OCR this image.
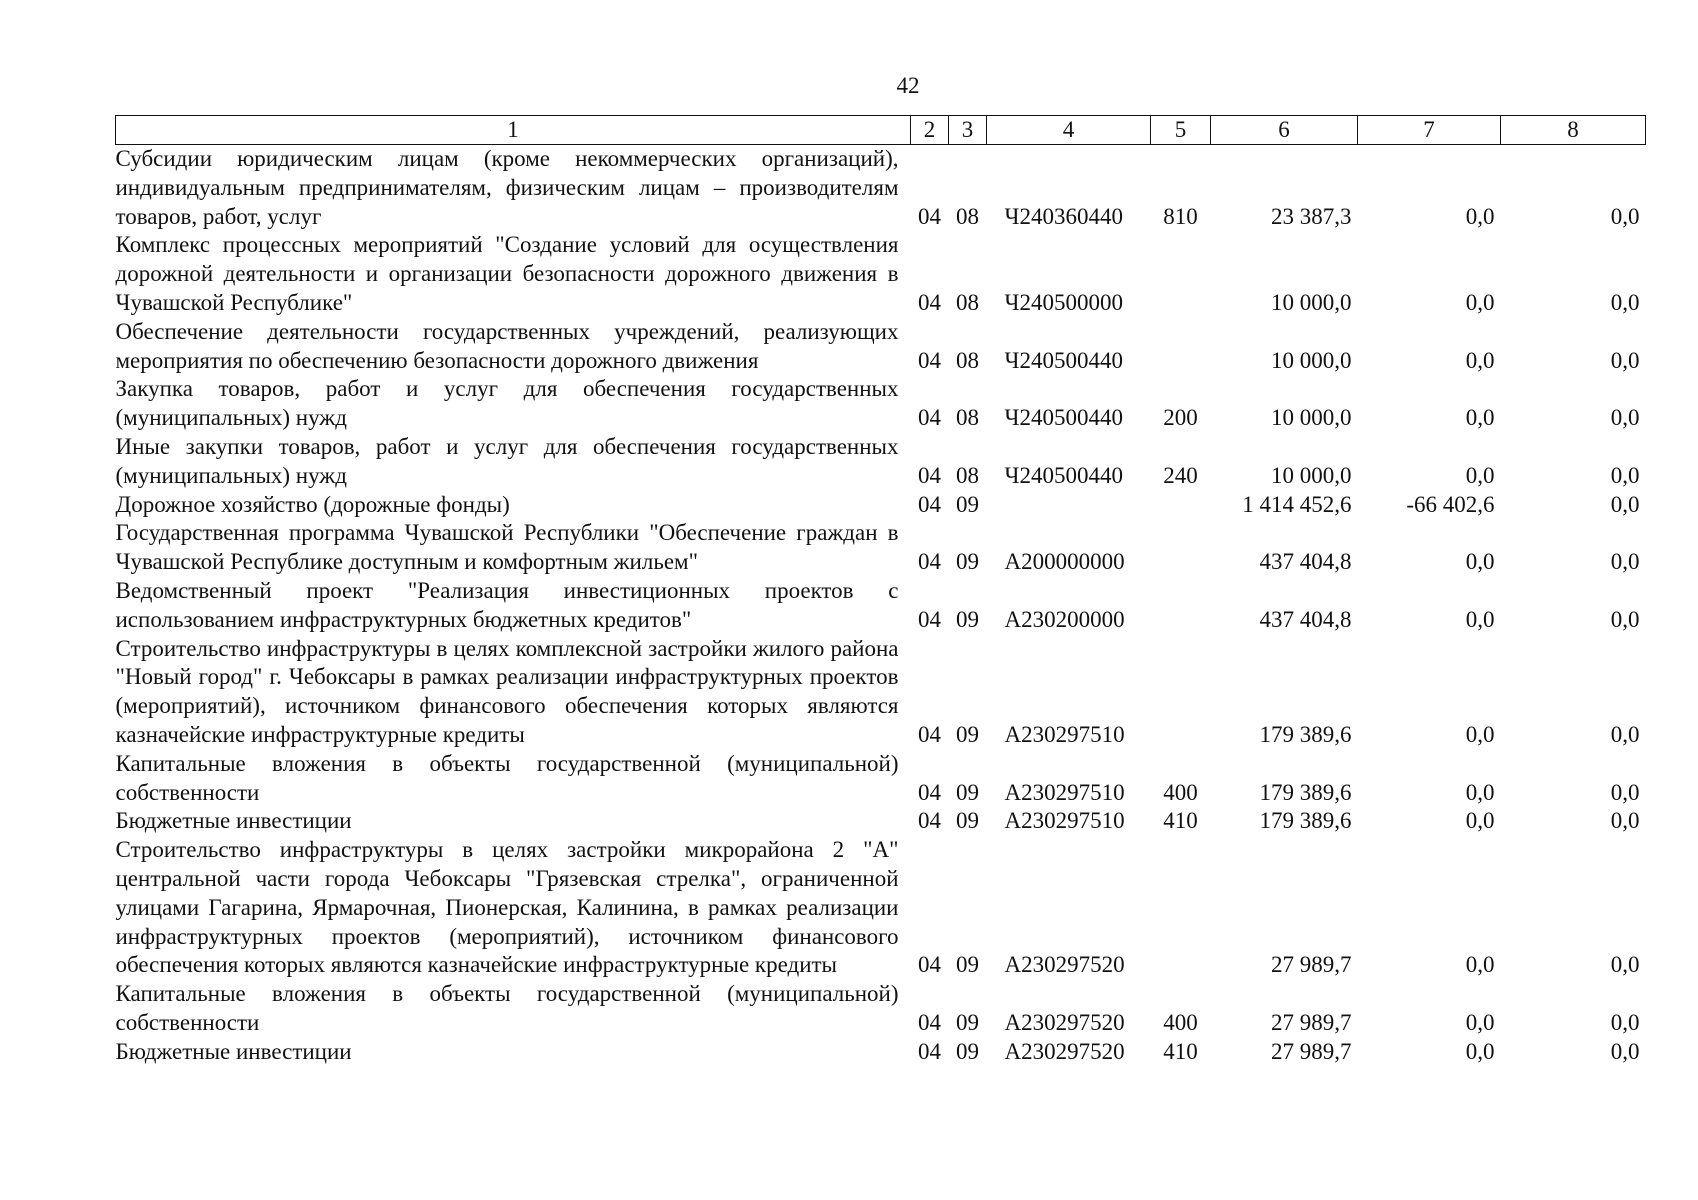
42
1	2	3	4	5	6	7	8
Субсидии юридическим лицам (кроме некоммерческих организаций), индивидуальным предпринимателям, физическим лицам – производителям товаров, работ, услуг	04	08	Ч240360440	810	23 387,3	0,0	0,0
Комплекс процессных мероприятий "Создание условий для осуществления дорожной деятельности и организации безопасности дорожного движения в Чувашской Республике"	04	08	Ч240500000		10 000,0	0,0	0,0
Обеспечение деятельности государственных учреждений, реализующих мероприятия по обеспечению безопасности дорожного движения	04	08	Ч240500440		10 000,0	0,0	0,0
Закупка товаров, работ и услуг для обеспечения государственных (муниципальных) нужд	04	08	Ч240500440	200	10 000,0	0,0	0,0
Иные закупки товаров, работ и услуг для обеспечения государственных (муниципальных) нужд	04	08	Ч240500440	240	10 000,0	0,0	0,0
Дорожное хозяйство (дорожные фонды)	04	09			1 414 452,6	-66 402,6	0,0
Государственная программа Чувашской Республики "Обеспечение граждан в Чувашской Республике доступным и комфортным жильем"	04	09	А200000000		437 404,8	0,0	0,0
Ведомственный проект "Реализация инвестиционных проектов с использованием инфраструктурных бюджетных кредитов"	04	09	А230200000		437 404,8	0,0	0,0
Строительство инфраструктуры в целях комплексной застройки жилого района "Новый город" г. Чебоксары в рамках реализации инфраструктурных проектов (мероприятий), источником финансового обеспечения которых являются казначейские инфраструктурные кредиты	04	09	А230297510		179 389,6	0,0	0,0
Капитальные вложения в объекты государственной (муниципальной) собственности	04	09	А230297510	400	179 389,6	0,0	0,0
Бюджетные инвестиции	04	09	А230297510	410	179 389,6	0,0	0,0
Строительство инфраструктуры в целях застройки микрорайона 2 "А" центральной части города Чебоксары "Грязевская стрелка", ограниченной улицами Гагарина, Ярмарочная, Пионерская, Калинина, в рамках реализации инфраструктурных проектов (мероприятий), источником финансового обеспечения которых являются казначейские инфраструктурные кредиты	04	09	А230297520		27 989,7	0,0	0,0
Капитальные вложения в объекты государственной (муниципальной) собственности	04	09	А230297520	400	27 989,7	0,0	0,0
Бюджетные инвестиции	04	09	А230297520	410	27 989,7	0,0	0,0
